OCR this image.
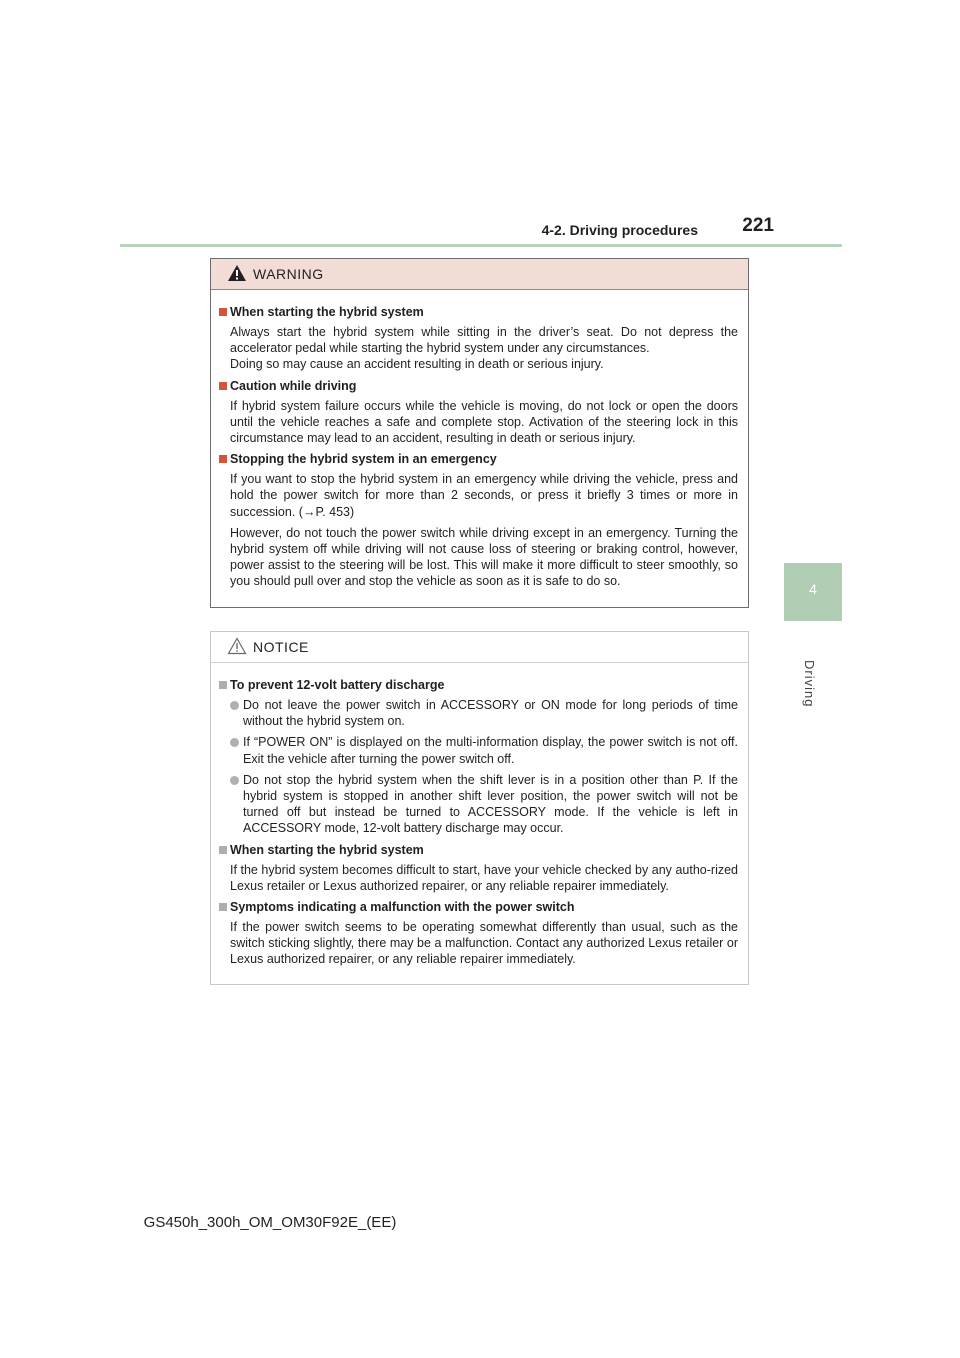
4-2. Driving procedures 221
4
Driving
WARNING
When starting the hybrid system
Always start the hybrid system while sitting in the driver’s seat. Do not depress the accelerator pedal while starting the hybrid system under any circumstances.
Doing so may cause an accident resulting in death or serious injury.
Caution while driving
If hybrid system failure occurs while the vehicle is moving, do not lock or open the doors until the vehicle reaches a safe and complete stop. Activation of the steering lock in this circumstance may lead to an accident, resulting in death or serious injury.
Stopping the hybrid system in an emergency
If you want to stop the hybrid system in an emergency while driving the vehicle, press and hold the power switch for more than 2 seconds, or press it briefly 3 times or more in succession. (→P. 453)
However, do not touch the power switch while driving except in an emergency. Turning the hybrid system off while driving will not cause loss of steering or braking control, however, power assist to the steering will be lost. This will make it more difficult to steer smoothly, so you should pull over and stop the vehicle as soon as it is safe to do so.
NOTICE
To prevent 12-volt battery discharge
Do not leave the power switch in ACCESSORY or ON mode for long periods of time without the hybrid system on.
If “POWER ON” is displayed on the multi-information display, the power switch is not off. Exit the vehicle after turning the power switch off.
Do not stop the hybrid system when the shift lever is in a position other than P. If the hybrid system is stopped in another shift lever position, the power switch will not be turned off but instead be turned to ACCESSORY mode. If the vehicle is left in ACCESSORY mode, 12-volt battery discharge may occur.
When starting the hybrid system
If the hybrid system becomes difficult to start, have your vehicle checked by any autho-rized Lexus retailer or Lexus authorized repairer, or any reliable repairer immediately.
Symptoms indicating a malfunction with the power switch
If the power switch seems to be operating somewhat differently than usual, such as the switch sticking slightly, there may be a malfunction. Contact any authorized Lexus retailer or Lexus authorized repairer, or any reliable repairer immediately.
GS450h_300h_OM_OM30F92E_(EE)
